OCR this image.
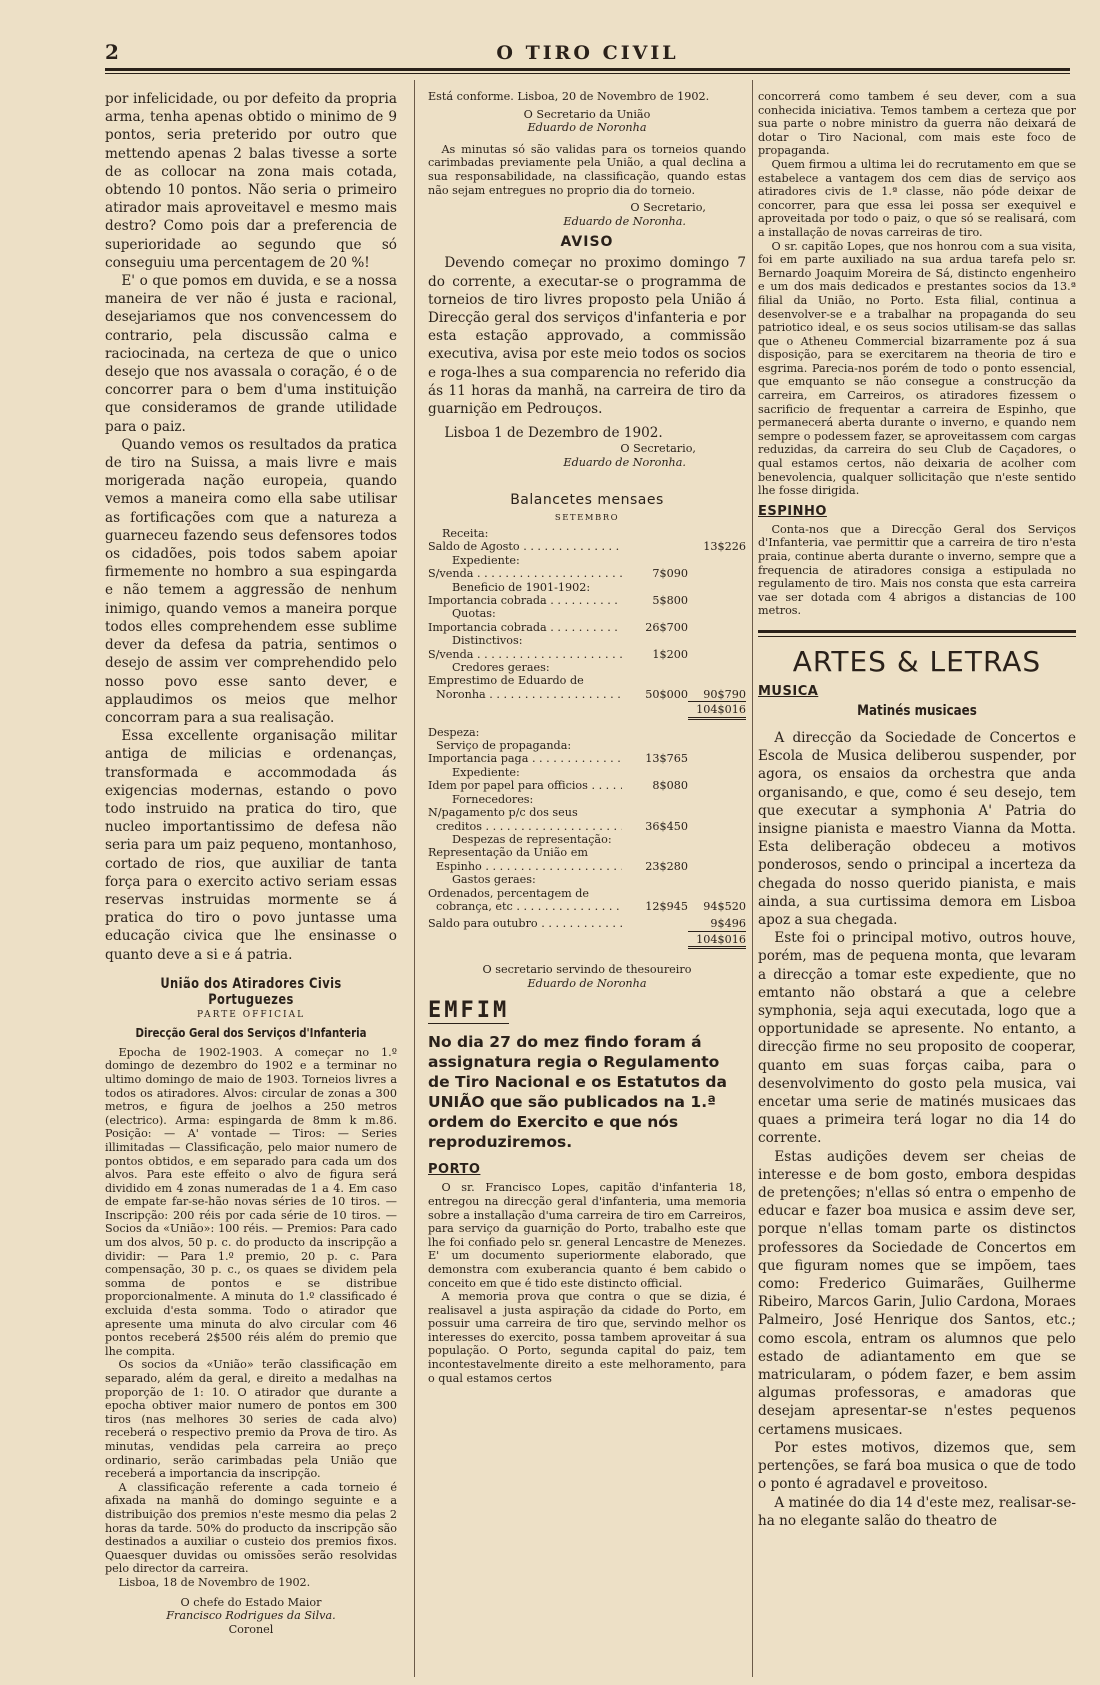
2	O TIRO CIVIL

por infelicidade, ou por defeito da propria arma, tenha apenas obtido o minimo de 9 pontos, seria preterido por outro que mettendo apenas 2 balas tivesse a sorte de as collocar na zona mais cotada, obtendo 10 pontos. Não seria o primeiro atirador mais aproveitavel e mesmo mais destro? Como pois dar a preferencia de superioridade ao segundo que só conseguiu uma percentagem de 20 %!

E' o que pomos em duvida, e se a nossa maneira de ver não é justa e racional, desejariamos que nos convencessem do contrario, pela discussão calma e raciocinada, na certeza de que o unico desejo que nos avassala o coração, é o de concorrer para o bem d'uma instituição que consideramos de grande utilidade para o paiz.

Quando vemos os resultados da pratica de tiro na Suissa, a mais livre e mais morigerada nação europeia, quando vemos a maneira como ella sabe utilisar as fortificações com que a natureza a guarneceu fazendo seus defensores todos os cidadões, pois todos sabem apoiar firmemente no hombro a sua espingarda e não temem a aggressão de nenhum inimigo, quando vemos a maneira porque todos elles comprehendem esse sublime dever da defesa da patria, sentimos o desejo de assim ver comprehendido pelo nosso povo esse santo dever, e applaudimos os meios que melhor concorram para a sua realisação.

Essa excellente organisação militar antiga de milicias e ordenanças, transformada e accommodada ás exigencias modernas, estando o povo todo instruido na pratica do tiro, que nucleo importantissimo de defesa não seria para um paiz pequeno, montanhoso, cortado de rios, que auxiliar de tanta força para o exercito activo seriam essas reservas instruidas mormente se á pratica do tiro o povo juntasse uma educação civica que lhe ensinasse o quanto deve a si e á patria.

União dos Atiradores Civis Portuguezes
PARTE OFFICIAL
Direcção Geral dos Serviços d'Infanteria

Epocha de 1902-1903. A começar no 1.º domingo de dezembro do 1902 e a terminar no ultimo domingo de maio de 1903. Torneios livres a todos os atiradores. Alvos: circular de zonas a 300 metros, e figura de joelhos a 250 metros (electrico). Arma: espingarda de 8mm k m.86. Posição: — A' vontade — Tiros: — Series illimitadas — Classificação, pelo maior numero de pontos obtidos, e em separado para cada um dos alvos. Para este effeito o alvo de figura será dividido em 4 zonas numeradas de 1 a 4. Em caso de empate far-se-hão novas séries de 10 tiros. — Inscripção: 200 réis por cada série de 10 tiros. — Socios da «União»: 100 réis. — Premios: Para cado um dos alvos, 50 p. c. do producto da inscripção a dividir: — Para 1.º premio, 20 p. c. Para compensação, 30 p. c., os quaes se dividem pela somma de pontos e se distribue proporcionalmente. A minuta do 1.º classificado é excluida d'esta somma. Todo o atirador que apresente uma minuta do alvo circular com 46 pontos receberá 2$500 réis além do premio que lhe compita.

Os socios da «União» terão classificação em separado, além da geral, e direito a medalhas na proporção de 1: 10. O atirador que durante a epocha obtiver maior numero de pontos em 300 tiros (nas melhores 30 series de cada alvo) receberá o respectivo premio da Prova de tiro. As minutas, vendidas pela carreira ao preço ordinario, serão carimbadas pela União que receberá a importancia da inscripção.

A classificação referente a cada torneio é afixada na manhã do domingo seguinte e a distribuição dos premios n'este mesmo dia pelas 2 horas da tarde. 50% do producto da inscripção são destinados a auxiliar o custeio dos premios fixos. Quaesquer duvidas ou omissões serão resolvidas pelo director da carreira.

Lisboa, 18 de Novembro de 1902.

O chefe do Estado Maior

Francisco Rodrigues da Silva.

Coronel

Está conforme. Lisboa, 20 de Novembro de 1902.

O Secretario da União

Eduardo de Noronha

As minutas só são validas para os torneios quando carimbadas previamente pela União, a qual declina a sua responsabilidade, na classificação, quando estas não sejam entregues no proprio dia do torneio.

O Secretario,

Eduardo de Noronha.

AVISO

Devendo começar no proximo domingo 7 do corrente, a executar-se o programma de torneios de tiro livres proposto pela União á Direcção geral dos serviços d'infanteria e por esta estação approvado, a commissão executiva, avisa por este meio todos os socios e roga-lhes a sua comparencia no referido dia ás 11 horas da manhã, na carreira de tiro da guarnição em Pedrouços.

Lisboa 1 de Dezembro de 1902.

O Secretario,

Eduardo de Noronha.

Balancetes mensaes
SETEMBRO
Receita:
Saldo de Agosto . . .	13$226
Expediente:
S/venda . . .	7$090
Beneficio de 1901-1902:
Importancia cobrada . . .	5$800
Quotas:
Importancia cobrada . . .	26$700
Distinctivos:
S/venda . . .	1$200
Credores geraes:
Emprestimo de Eduardo de
Noronha . . .	50$000	90$790
104$016
Despeza:
Serviço de propaganda:
Importancia paga . . .	13$765
Expediente:
Idem por papel para officios . . .	8$080
Fornecedores:
N/pagamento p/c dos seus
creditos . . .	36$450
Despezas de representação:
Representação da União em
Espinho . . .	23$280
Gastos geraes:
Ordenados, percentagem de
cobrança, etc . . .	12$945	94$520
Saldo para outubro . . .	9$496
104$016

O secretario servindo de thesoureiro

Eduardo de Noronha

EMFIM
No dia 27 do mez findo foram á assignatura regia o Regulamento de Tiro Nacional e os Estatutos da UNIÃO que são publicados na 1.ª ordem do Exercito e que nós reproduziremos.
PORTO

O sr. Francisco Lopes, capitão d'infanteria 18, entregou na direcção geral d'infanteria, uma memoria sobre a installação d'uma carreira de tiro em Carreiros, para serviço da guarnição do Porto, trabalho este que lhe foi confiado pelo sr. general Lencastre de Menezes. E' um documento superiormente elaborado, que demonstra com exuberancia quanto é bem cabido o conceito em que é tido este distincto official.

A memoria prova que contra o que se dizia, é realisavel a justa aspiração da cidade do Porto, em possuir uma carreira de tiro que, servindo melhor os interesses do exercito, possa tambem aproveitar á sua população. O Porto, segunda capital do paiz, tem incontestavelmente direito a este melhoramento, para o qual estamos certos

concorrerá como tambem é seu dever, com a sua conhecida iniciativa. Temos tambem a certeza que por sua parte o nobre ministro da guerra não deixará de dotar o Tiro Nacional, com mais este foco de propaganda.

Quem firmou a ultima lei do recrutamento em que se estabelece a vantagem dos cem dias de serviço aos atiradores civis de 1.ª classe, não póde deixar de concorrer, para que essa lei possa ser exequivel e aproveitada por todo o paiz, o que só se realisará, com a installação de novas carreiras de tiro.

O sr. capitão Lopes, que nos honrou com a sua visita, foi em parte auxiliado na sua ardua tarefa pelo sr. Bernardo Joaquim Moreira de Sá, distincto engenheiro e um dos mais dedicados e prestantes socios da 13.ª filial da União, no Porto. Esta filial, continua a desenvolver-se e a trabalhar na propaganda do seu patriotico ideal, e os seus socios utilisam-se das sallas que o Atheneu Commercial bizarramente poz á sua disposição, para se exercitarem na theoria de tiro e esgrima. Parecia-nos porém de todo o ponto essencial, que emquanto se não consegue a construcção da carreira, em Carreiros, os atiradores fizessem o sacrificio de frequentar a carreira de Espinho, que permanecerá aberta durante o inverno, e quando nem sempre o podessem fazer, se aproveitassem com cargas reduzidas, da carreira do seu Club de Caçadores, o qual estamos certos, não deixaria de acolher com benevolencia, qualquer sollicitação que n'este sentido lhe fosse dirigida.

ESPINHO

Conta-nos que a Direcção Geral dos Serviços d'Infanteria, vae permittir que a carreira de tiro n'esta praia, continue aberta durante o inverno, sempre que a frequencia de atiradores consiga a estipulada no regulamento de tiro. Mais nos consta que esta carreira vae ser dotada com 4 abrigos a distancias de 100 metros.

ARTES & LETRAS
MUSICA
Matinés musicaes

A direcção da Sociedade de Concertos e Escola de Musica deliberou suspender, por agora, os ensaios da orchestra que anda organisando, e que, como é seu desejo, tem que executar a symphonia A' Patria do insigne pianista e maestro Vianna da Motta. Esta deliberação obdeceu a motivos ponderosos, sendo o principal a incerteza da chegada do nosso querido pianista, e mais ainda, a sua curtissima demora em Lisboa apoz a sua chegada.

Este foi o principal motivo, outros houve, porém, mas de pequena monta, que levaram a direcção a tomar este expediente, que no emtanto não obstará a que a celebre symphonia, seja aqui executada, logo que a opportunidade se apresente. No entanto, a direcção firme no seu proposito de cooperar, quanto em suas forças caiba, para o desenvolvimento do gosto pela musica, vai encetar uma serie de matinés musicaes das quaes a primeira terá logar no dia 14 do corrente.

Estas audições devem ser cheias de interesse e de bom gosto, embora despidas de pretenções; n'ellas só entra o empenho de educar e fazer boa musica e assim deve ser, porque n'ellas tomam parte os distinctos professores da Sociedade de Concertos em que figuram nomes que se impõem, taes como: Frederico Guimarães, Guilherme Ribeiro, Marcos Garin, Julio Cardona, Moraes Palmeiro, José Henrique dos Santos, etc.; como escola, entram os alumnos que pelo estado de adiantamento em que se matricularam, o pódem fazer, e bem assim algumas professoras, e amadoras que desejam apresentar-se n'estes pequenos certamens musicaes.

Por estes motivos, dizemos que, sem pertenções, se fará boa musica o que de todo o ponto é agradavel e proveitoso.

A matinée do dia 14 d'este mez, realisar-se-ha no elegante salão do theatro de
